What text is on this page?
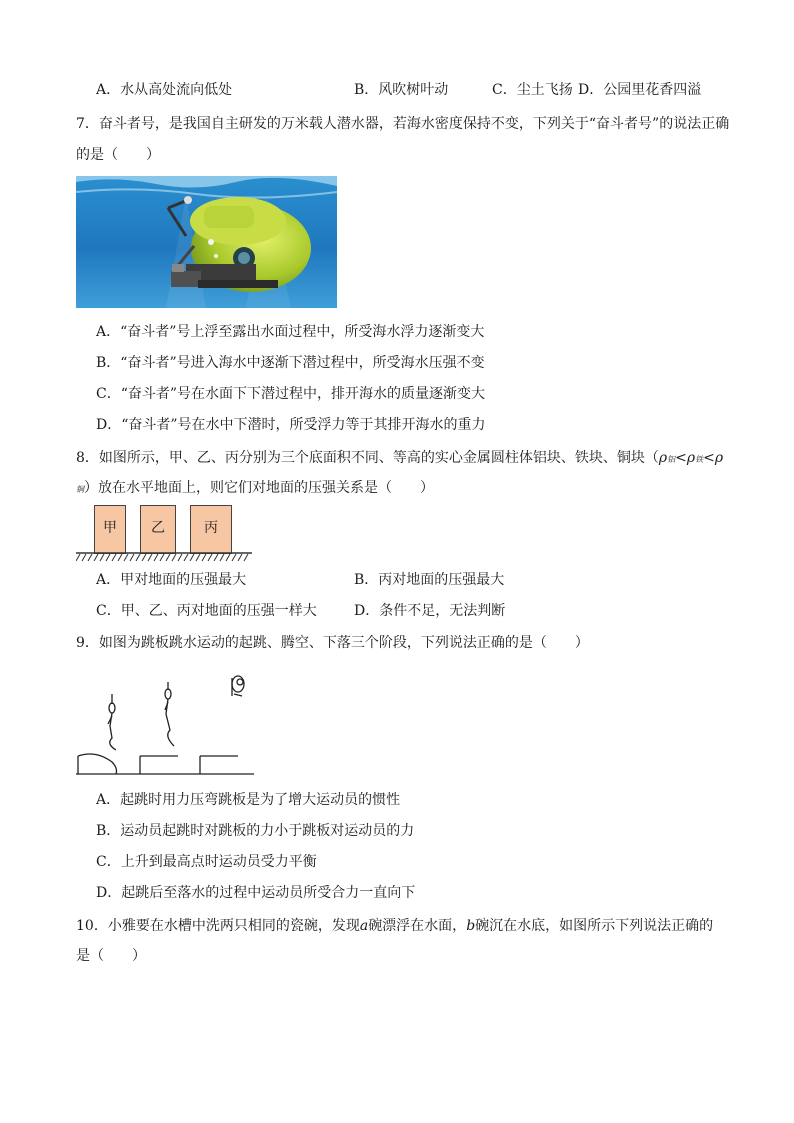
A．水从高处流向低处	B．风吹树叶动	C．尘土飞扬 D．公园里花香四溢
7．奋斗者号，是我国自主研发的万米载人潜水器，若海水密度保持不变，下列关于“奋斗者号”的说法正确
的是（　　）
A．“奋斗者”号上浮至露出水面过程中，所受海水浮力逐渐变大
B．“奋斗者”号进入海水中逐渐下潜过程中，所受海水压强不变
C．“奋斗者”号在水面下下潜过程中，排开海水的质量逐渐变大
D．“奋斗者”号在水中下潜时，所受浮力等于其排开海水的重力
8．如图所示，甲、乙、丙分别为三个底面积不同、等高的实心金属圆柱体铝块、铁块、铜块（ρ铝<ρ铁<ρ
铜）放在水平地面上，则它们对地面的压强关系是（　　）
甲	乙	丙
A．甲对地面的压强最大	B．丙对地面的压强最大
C．甲、乙、丙对地面的压强一样大	D．条件不足，无法判断
9．如图为跳板跳水运动的起跳、腾空、下落三个阶段，下列说法正确的是（　　）
A．起跳时用力压弯跳板是为了增大运动员的惯性
B．运动员起跳时对跳板的力小于跳板对运动员的力
C．上升到最高点时运动员受力平衡
D．起跳后至落水的过程中运动员所受合力一直向下
10．小雅要在水槽中洗两只相同的瓷碗，发现a碗漂浮在水面，b碗沉在水底，如图所示下列说法正确的
是（　　）
